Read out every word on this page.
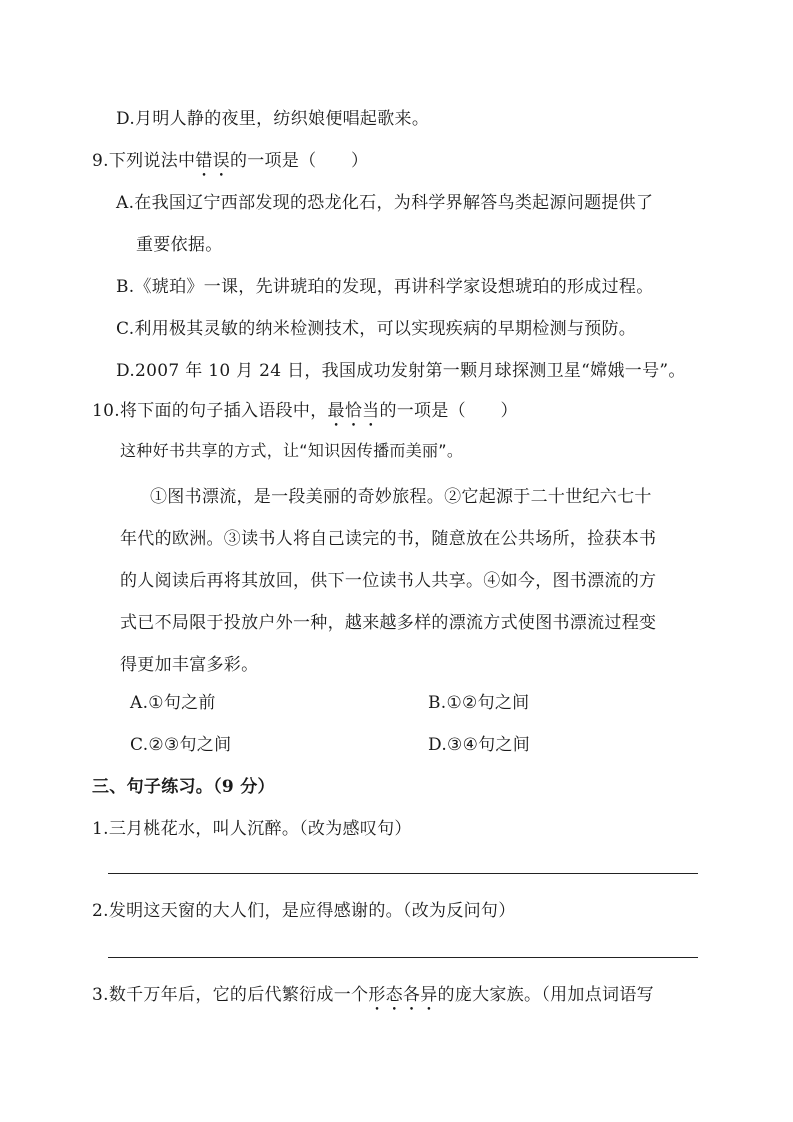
D.月明人静的夜里，纺织娘便唱起歌来。
9.下列说法中错误的一项是（　　）
A.在我国辽宁西部发现的恐龙化石，为科学界解答鸟类起源问题提供了
重要依据。
B.《琥珀》一课，先讲琥珀的发现，再讲科学家设想琥珀的形成过程。
C.利用极其灵敏的纳米检测技术，可以实现疾病的早期检测与预防。
D.2007 年 10 月 24 日，我国成功发射第一颗月球探测卫星“嫦娥一号”。
10.将下面的句子插入语段中，最恰当的一项是（　　）
这种好书共享的方式，让“知识因传播而美丽”。
①图书漂流，是一段美丽的奇妙旅程。②它起源于二十世纪六七十
年代的欧洲。③读书人将自己读完的书，随意放在公共场所，捡获本书
的人阅读后再将其放回，供下一位读书人共享。④如今，图书漂流的方
式已不局限于投放户外一种，越来越多样的漂流方式使图书漂流过程变
得更加丰富多彩。
A.①句之前	B.①②句之间
C.②③句之间	D.③④句之间
三、句子练习。（9 分）
1.三月桃花水，叫人沉醉。（改为感叹句）
2.发明这天窗的大人们，是应得感谢的。（改为反问句）
3.数千万年后，它的后代繁衍成一个形态各异的庞大家族。（用加点词语写
